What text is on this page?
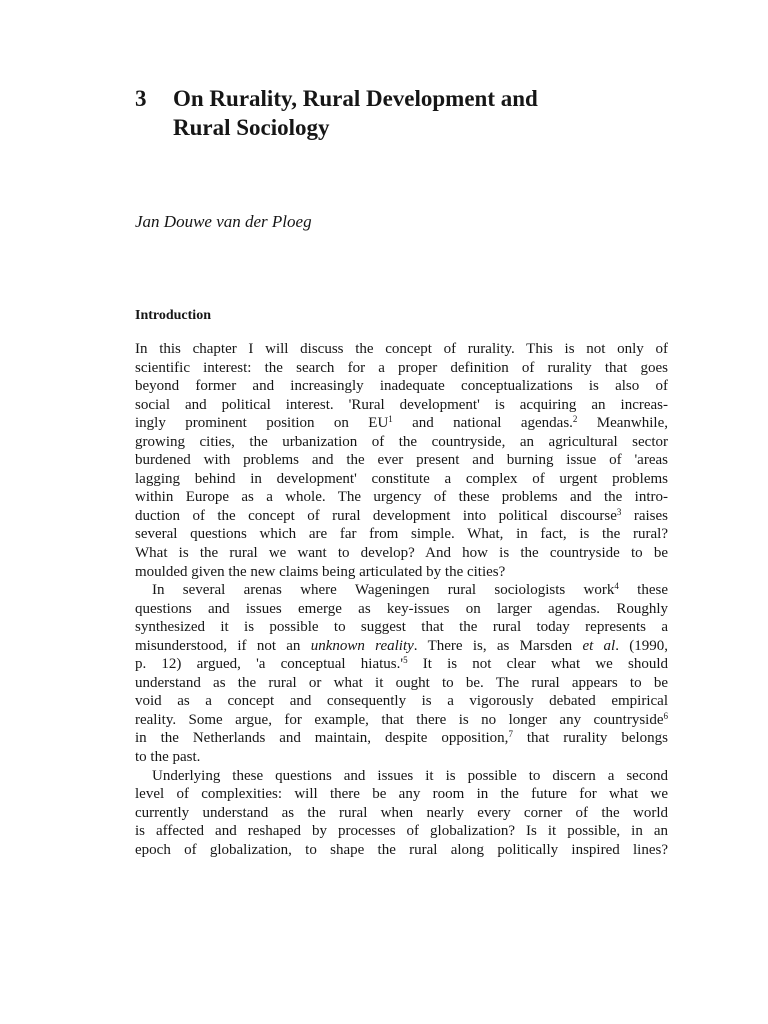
3 On Rurality, Rural Development and
Rural Sociology
Jan Douwe van der Ploeg
Introduction
In this chapter I will discuss the concept of rurality. This is not only of
scientific interest: the search for a proper definition of rurality that goes
beyond former and increasingly inadequate conceptualizations is also of
social and political interest. 'Rural development' is acquiring an increas-
ingly prominent position on $EU^1$ and national agendas.$^2$ Meanwhile,
growing cities, the urbanization of the countryside, an agricultural sector
burdened with problems and the ever present and burning issue of 'areas
lagging behind in development' constitute a complex of urgent problems
within Europe as a whole. The urgency of these problems and the intro-
duction of the concept of rural development into political discourse$^3$ raises
several questions which are far from simple. What, in fact, is the rural?
What is the rural we want to develop? And how is the countryside to be
moulded given the new claims being articulated by the cities?
In several arenas where Wageningen rural sociologists work$^4$ these
questions and issues emerge as key-issues on larger agendas. Roughly
synthesized it is possible to suggest that the rural today represents a
misunderstood, if not an unknown reality. There is, as Marsden et al. (1990,
p. 12) argued, 'a conceptual $hiatus.'^5$ It is not clear what we should
understand as the rural or what it ought to be. The rural appears to be
void as a concept and consequently is a vigorously debated empirical
reality. Some argue, for example, that there is no longer any countryside$^6$
in the Netherlands and maintain, despite opposition,$^7$ that rurality belongs
to the past.
Underlying these questions and issues it is possible to discern a second
level of complexities: will there be any room in the future for what we
currently understand as the rural when nearly every corner of the world
is affected and reshaped by processes of globalization? Is it possible, in an
epoch of globalization, to shape the rural along politically inspired lines?
